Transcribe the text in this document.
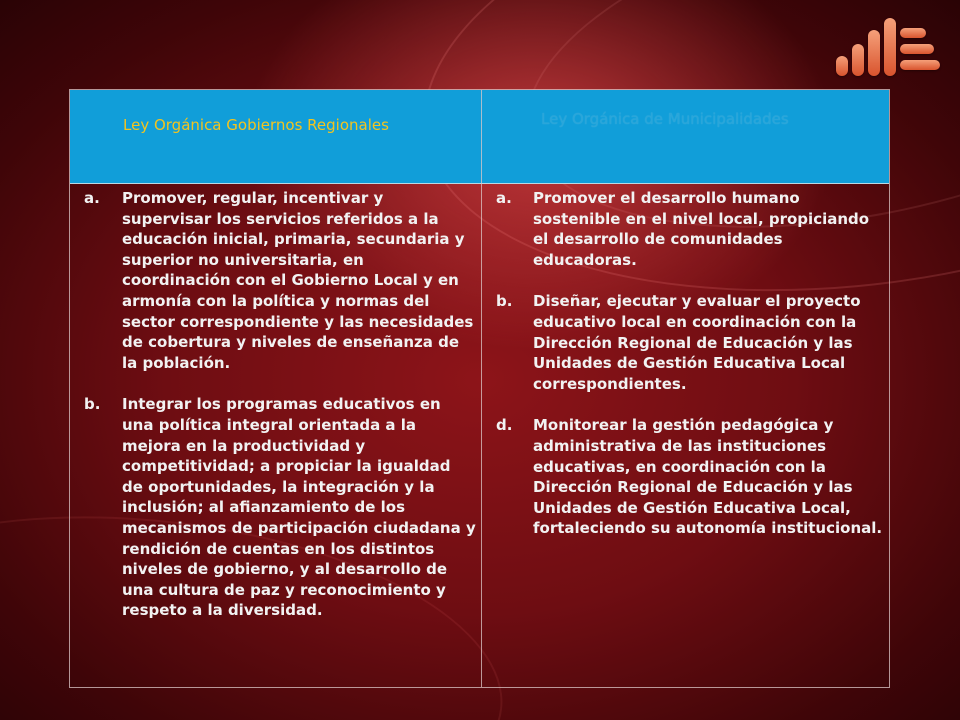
Ley Orgánica Gobiernos Regionales	Ley Orgánica de Municipalidades

a. Promover, regular, incentivar y supervisar los servicios referidos a la educación inicial, primaria, secundaria y superior no universitaria, en coordinación con el Gobierno Local y en armonía con la política y normas del sector correspondiente y las necesidades de cobertura y niveles de enseñanza de la población.

b. Integrar los programas educativos en una política integral orientada a la mejora en la productividad y competitividad; a propiciar la igualdad de oportunidades, la integración y la inclusión; al afianzamiento de los mecanismos de participación ciudadana y rendición de cuentas en los distintos niveles de gobierno, y al desarrollo de una cultura de paz y reconocimiento y respeto a la diversidad.

a. Promover el desarrollo humano sostenible en el nivel local, propiciando el desarrollo de comunidades educadoras.

b. Diseñar, ejecutar y evaluar el proyecto educativo local en coordinación con la Dirección Regional de Educación y las Unidades de Gestión Educativa Local correspondientes.

d. Monitorear la gestión pedagógica y administrativa de las instituciones educativas, en coordinación con la Dirección Regional de Educación y las Unidades de Gestión Educativa Local, fortaleciendo su autonomía institucional.
